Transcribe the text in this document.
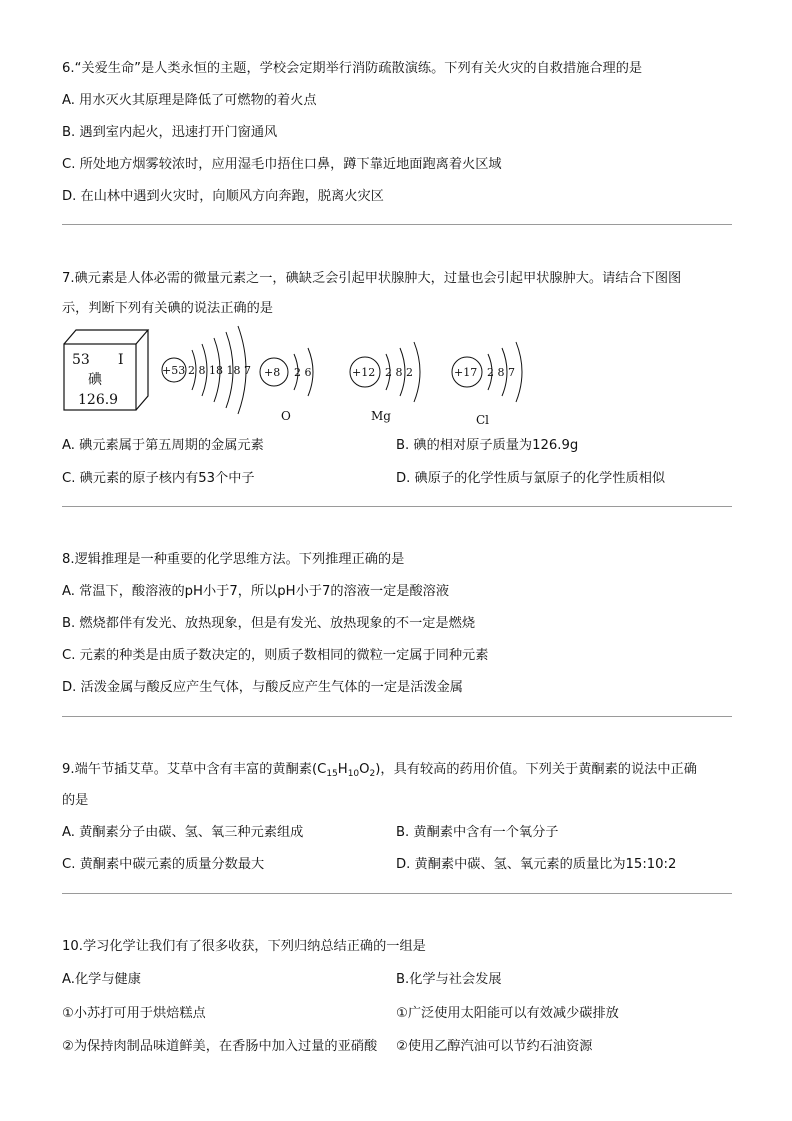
6.“关爱生命”是人类永恒的主题，学校会定期举行消防疏散演练。下列有关火灾的自救措施合理的是
A. 用水灭火其原理是降低了可燃物的着火点
B. 遇到室内起火，迅速打开门窗通风
C. 所处地方烟雾较浓时，应用湿毛巾捂住口鼻，蹲下靠近地面跑离着火区域
D. 在山林中遇到火灾时，向顺风方向奔跑，脱离火灾区
7.碘元素是人体必需的微量元素之一，碘缺乏会引起甲状腺肿大，过量也会引起甲状腺肿大。请结合下图图
示，判断下列有关碘的说法正确的是
53 I
碘
126.9
+53 2 8 18 18 7 +8 2 6
O
+12 2 8 2
Mg
+17 2 8 7
Cl
A. 碘元素属于第五周期的金属元素	B. 碘的相对原子质量为126.9g
C. 碘元素的原子核内有53个中子	D. 碘原子的化学性质与氯原子的化学性质相似
8.逻辑推理是一种重要的化学思维方法。下列推理正确的是
A. 常温下，酸溶液的pH小于7，所以pH小于7的溶液一定是酸溶液
B. 燃烧都伴有发光、放热现象，但是有发光、放热现象的不一定是燃烧
C. 元素的种类是由质子数决定的，则质子数相同的微粒一定属于同种元素
D. 活泼金属与酸反应产生气体，与酸反应产生气体的一定是活泼金属
9.端午节插艾草。艾草中含有丰富的黄酮素$(C_{15}H_{10}O_2)$，具有较高的药用价值。下列关于黄酮素的说法中正确
的是
A. 黄酮素分子由碳、氢、氧三种元素组成	B. 黄酮素中含有一个氧分子
C. 黄酮素中碳元素的质量分数最大	D. 黄酮素中碳、氢、氧元素的质量比为15:10:2
10.学习化学让我们有了很多收获，下列归纳总结正确的一组是
A.化学与健康	B.化学与社会发展
①小苏打可用于烘焙糕点	①广泛使用太阳能可以有效减少碳排放
②为保持肉制品味道鲜美，在香肠中加入过量的亚硝酸 ②使用乙醇汽油可以节约石油资源
